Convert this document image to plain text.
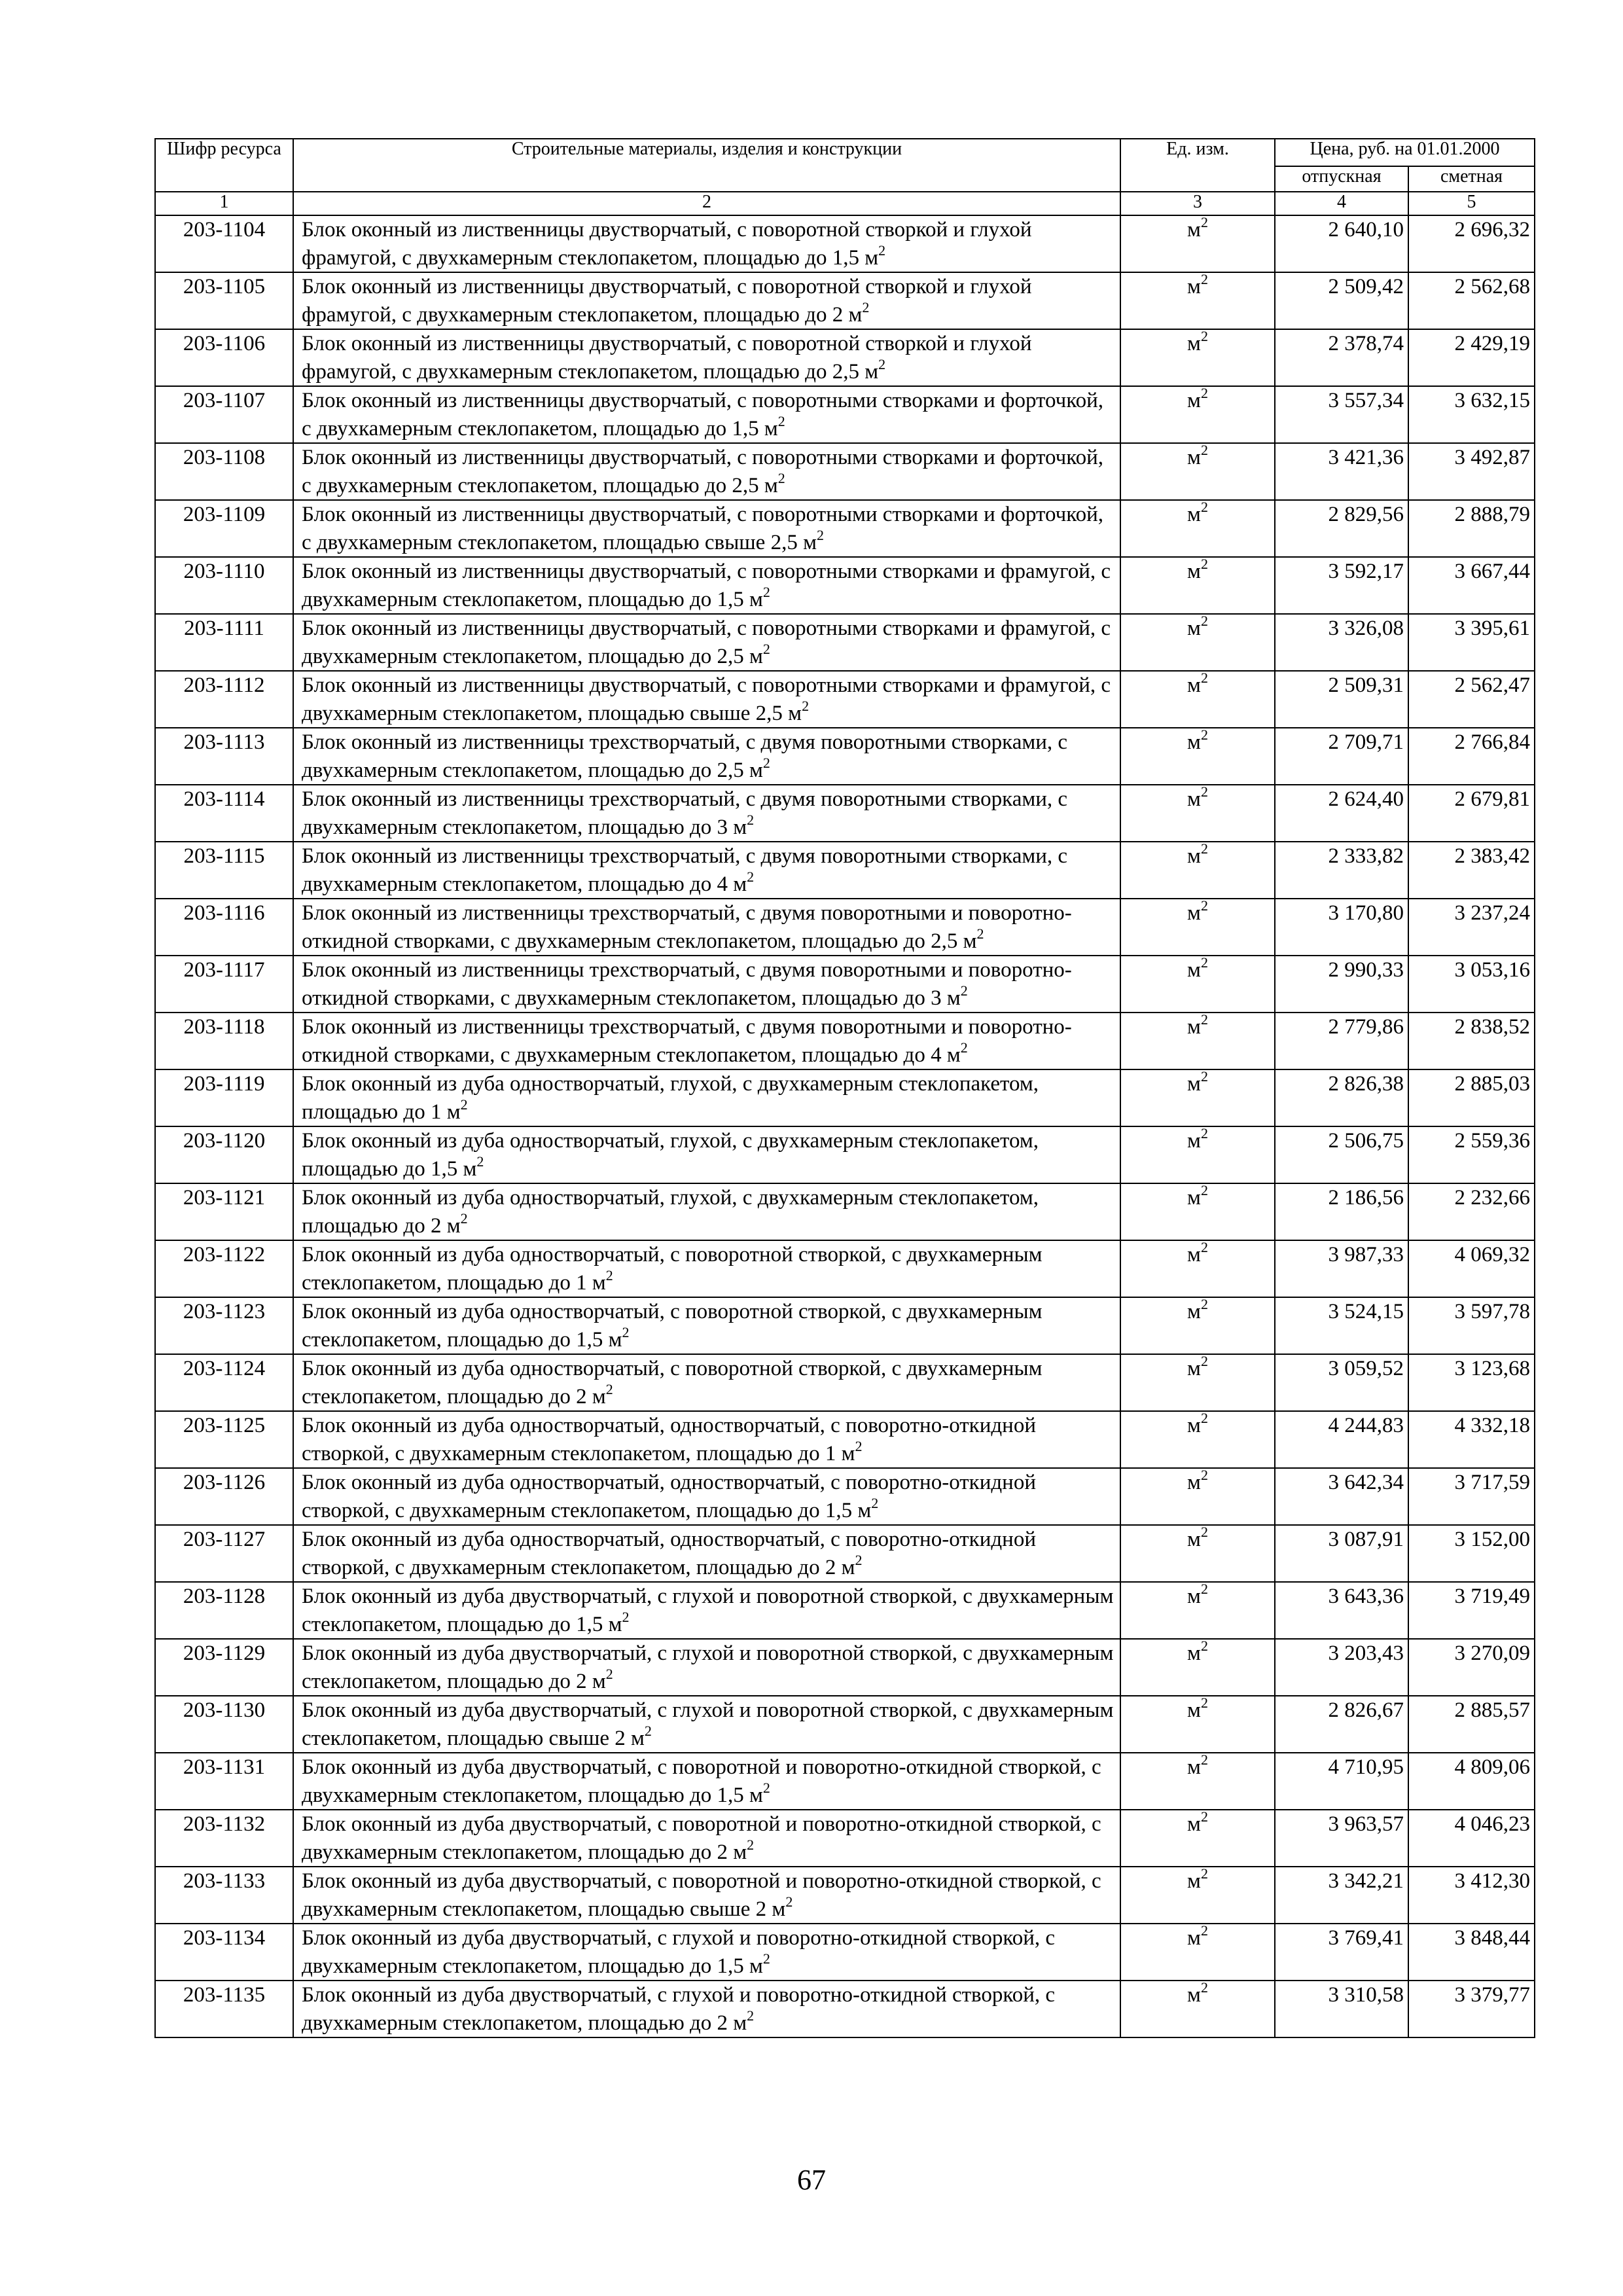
Шифр ресурса	Строительные материалы, изделия и конструкции	Ед. изм.	Цена, руб. на 01.01.2000	
			отпускная	сметная
1	2	3	4	5
203-1104	Блок оконный из лиственницы двустворчатый, с поворотной створкой и глухой фрамугой, с двухкамерным стеклопакетом, площадью до 1,5 $м^2$	$м^2$	2 640,10	2 696,32
203-1105	Блок оконный из лиственницы двустворчатый, с поворотной створкой и глухой фрамугой, с двухкамерным стеклопакетом, площадью до 2 $м^2$	$м^2$	2 509,42	2 562,68
203-1106	Блок оконный из лиственницы двустворчатый, с поворотной створкой и глухой фрамугой, с двухкамерным стеклопакетом, площадью до 2,5 $м^2$	$м^2$	2 378,74	2 429,19
203-1107	Блок оконный из лиственницы двустворчатый, с поворотными створками и форточкой, с двухкамерным стеклопакетом, площадью до 1,5 $м^2$	$м^2$	3 557,34	3 632,15
203-1108	Блок оконный из лиственницы двустворчатый, с поворотными створками и форточкой, с двухкамерным стеклопакетом, площадью до 2,5 $м^2$	$м^2$	3 421,36	3 492,87
203-1109	Блок оконный из лиственницы двустворчатый, с поворотными створками и форточкой, с двухкамерным стеклопакетом, площадью свыше 2,5 $м^2$	$м^2$	2 829,56	2 888,79
203-1110	Блок оконный из лиственницы двустворчатый, с поворотными створками и фрамугой, с двухкамерным стеклопакетом, площадью до 1,5 $м^2$	$м^2$	3 592,17	3 667,44
203-1111	Блок оконный из лиственницы двустворчатый, с поворотными створками и фрамугой, с двухкамерным стеклопакетом, площадью до 2,5 $м^2$	$м^2$	3 326,08	3 395,61
203-1112	Блок оконный из лиственницы двустворчатый, с поворотными створками и фрамугой, с двухкамерным стеклопакетом, площадью свыше 2,5 $м^2$	$м^2$	2 509,31	2 562,47
203-1113	Блок оконный из лиственницы трехстворчатый, с двумя поворотными створками, с двухкамерным стеклопакетом, площадью до 2,5 $м^2$	$м^2$	2 709,71	2 766,84
203-1114	Блок оконный из лиственницы трехстворчатый, с двумя поворотными створками, с двухкамерным стеклопакетом, площадью до 3 $м^2$	$м^2$	2 624,40	2 679,81
203-1115	Блок оконный из лиственницы трехстворчатый, с двумя поворотными створками, с двухкамерным стеклопакетом, площадью до 4 $м^2$	$м^2$	2 333,82	2 383,42
203-1116	Блок оконный из лиственницы трехстворчатый, с двумя поворотными и поворотно-откидной створками, с двухкамерным стеклопакетом, площадью до 2,5 $м^2$	$м^2$	3 170,80	3 237,24
203-1117	Блок оконный из лиственницы трехстворчатый, с двумя поворотными и поворотно-откидной створками, с двухкамерным стеклопакетом, площадью до 3 $м^2$	$м^2$	2 990,33	3 053,16
203-1118	Блок оконный из лиственницы трехстворчатый, с двумя поворотными и поворотно-откидной створками, с двухкамерным стеклопакетом, площадью до 4 $м^2$	$м^2$	2 779,86	2 838,52
203-1119	Блок оконный из дуба одностворчатый, глухой, с двухкамерным стеклопакетом, площадью до 1 $м^2$	$м^2$	2 826,38	2 885,03
203-1120	Блок оконный из дуба одностворчатый, глухой, с двухкамерным стеклопакетом, площадью до 1,5 $м^2$	$м^2$	2 506,75	2 559,36
203-1121	Блок оконный из дуба одностворчатый, глухой, с двухкамерным стеклопакетом, площадью до 2 $м^2$	$м^2$	2 186,56	2 232,66
203-1122	Блок оконный из дуба одностворчатый, с поворотной створкой, с двухкамерным стеклопакетом, площадью до 1 $м^2$	$м^2$	3 987,33	4 069,32
203-1123	Блок оконный из дуба одностворчатый, с поворотной створкой, с двухкамерным стеклопакетом, площадью до 1,5 $м^2$	$м^2$	3 524,15	3 597,78
203-1124	Блок оконный из дуба одностворчатый, с поворотной створкой, с двухкамерным стеклопакетом, площадью до 2 $м^2$	$м^2$	3 059,52	3 123,68
203-1125	Блок оконный из дуба одностворчатый, одностворчатый, с поворотно-откидной створкой, с двухкамерным стеклопакетом, площадью до 1 $м^2$	$м^2$	4 244,83	4 332,18
203-1126	Блок оконный из дуба одностворчатый, одностворчатый, с поворотно-откидной створкой, с двухкамерным стеклопакетом, площадью до 1,5 $м^2$	$м^2$	3 642,34	3 717,59
203-1127	Блок оконный из дуба одностворчатый, одностворчатый, с поворотно-откидной створкой, с двухкамерным стеклопакетом, площадью до 2 $м^2$	$м^2$	3 087,91	3 152,00
203-1128	Блок оконный из дуба двустворчатый, с глухой и поворотной створкой, с двухкамерным стеклопакетом, площадью до 1,5 $м^2$	$м^2$	3 643,36	3 719,49
203-1129	Блок оконный из дуба двустворчатый, с глухой и поворотной створкой, с двухкамерным стеклопакетом, площадью до 2 $м^2$	$м^2$	3 203,43	3 270,09
203-1130	Блок оконный из дуба двустворчатый, с глухой и поворотной створкой, с двухкамерным стеклопакетом, площадью свыше 2 $м^2$	$м^2$	2 826,67	2 885,57
203-1131	Блок оконный из дуба двустворчатый, с поворотной и поворотно-откидной створкой, с двухкамерным стеклопакетом, площадью до 1,5 $м^2$	$м^2$	4 710,95	4 809,06
203-1132	Блок оконный из дуба двустворчатый, с поворотной и поворотно-откидной створкой, с двухкамерным стеклопакетом, площадью до 2 $м^2$	$м^2$	3 963,57	4 046,23
203-1133	Блок оконный из дуба двустворчатый, с поворотной и поворотно-откидной створкой, с двухкамерным стеклопакетом, площадью свыше 2 $м^2$	$м^2$	3 342,21	3 412,30
203-1134	Блок оконный из дуба двустворчатый, с глухой и поворотно-откидной створкой, с двухкамерным стеклопакетом, площадью до 1,5 $м^2$	$м^2$	3 769,41	3 848,44
203-1135	Блок оконный из дуба двустворчатый, с глухой и поворотно-откидной створкой, с двухкамерным стеклопакетом, площадью до 2 $м^2$	$м^2$	3 310,58	3 379,77
67
